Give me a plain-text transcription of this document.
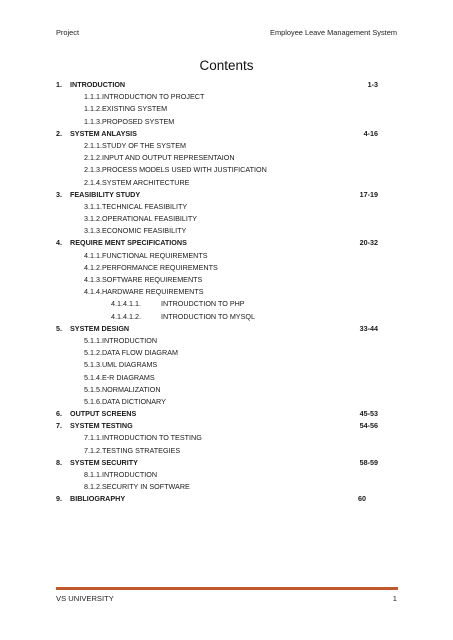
Project	Employee Leave Management System
Contents
1. INTRODUCTION	1-3
1.1.1.INTRODUCTION TO PROJECT
1.1.2.EXISTING SYSTEM
1.1.3.PROPOSED SYSTEM
2. SYSTEM ANLAYSIS	4-16
2.1.1.STUDY OF THE SYSTEM
2.1.2.INPUT AND OUTPUT REPRESENTAION
2.1.3.PROCESS MODELS USED WITH JUSTIFICATION
2.1.4.SYSTEM ARCHITECTURE
3. FEASIBILITY STUDY	17-19
3.1.1.TECHNICAL FEASIBILITY
3.1.2.OPERATIONAL FEASIBILITY
3.1.3.ECONOMIC FEASIBILITY
4. REQUIRE MENT SPECIFICATIONS	20-32
4.1.1.FUNCTIONAL REQUIREMENTS
4.1.2.PERFORMANCE REQUIREMENTS
4.1.3.SOFTWARE REQUIREMENTS
4.1.4.HARDWARE REQUIREMENTS
4.1.4.1.1.	INTROUDCTION TO PHP
4.1.4.1.2.	INTRODUCTION TO MYSQL
5. SYSTEM DESIGN	33-44
5.1.1.INTRODUCTION
5.1.2.DATA FLOW DIAGRAM
5.1.3.UML DIAGRAMS
5.1.4.E-R DIAGRAMS
5.1.5.NORMALIZATION
5.1.6.DATA DICTIONARY
6. OUTPUT SCREENS	45-53
7. SYSTEM TESTING	54-56
7.1.1.INTRODUCTION TO TESTING
7.1.2.TESTING STRATEGIES
8. SYSTEM SECURITY	58-59
8.1.1.INTRODUCTION
8.1.2.SECURITY IN SOFTWARE
9. BIBLIOGRAPHY	60
VS UNIVERSITY	1
